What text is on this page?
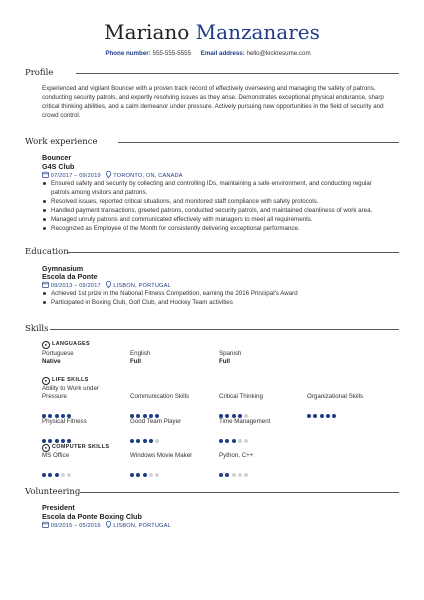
Mariano Manzanares
Phone number: 555-555-5555 Email address: hello@kickresume.com
Profile
Experienced and vigilant Bouncer with a proven track record of effectively overseeing and managing the safety of patrons, conducting security patrols, and expertly resolving issues as they arise. Demonstrates exceptional physical endurance, sharp critical thinking abilities, and a calm demeanor under pressure. Actively pursuing new opportunities in the field of security and crowd control.
Work experience
Bouncer
G4S Club
07/2017 – 09/2019 TORONTO, ON, CANADA
Ensured safety and security by collecting and controlling IDs, maintaining a safe environment, and conducting regular
patrols among visitors and patrons.
Resolved issues, reported critical situations, and monitored staff compliance with safety protocols.
Handled payment transactions, greeted patrons, conducted security patrols, and maintained cleanliness of work area.
Managed unruly patrons and communicated effectively with managers to meet all requirements.
Recognized as Employee of the Month for consistently delivering exceptional performance.
Education
Gymnasium
Escola da Ponte
09/2013 – 09/2017 LISBON, PORTUGAL
Achieved 1st prize in the National Fitness Competition, earning the 2016 Principal's Award
Participated in Boxing Club, Golf Club, and Hockey Team activities
Skills
● LANGUAGES
Portuguese
Native
English
Full
Spanish
Full
● LIFE SKILLS
Ability to Work under
Pressure	Communication Skills	Critical Thinking	Organizational Skills
Physical Fitness	Good Team Player	Time Management
● COMPUTER SKILLS
MS Office	Windows Movie Maker	Python, C++
Volunteering
President
Escola da Ponte Boxing Club
09/2015 – 05/2016 LISBON, PORTUGAL
